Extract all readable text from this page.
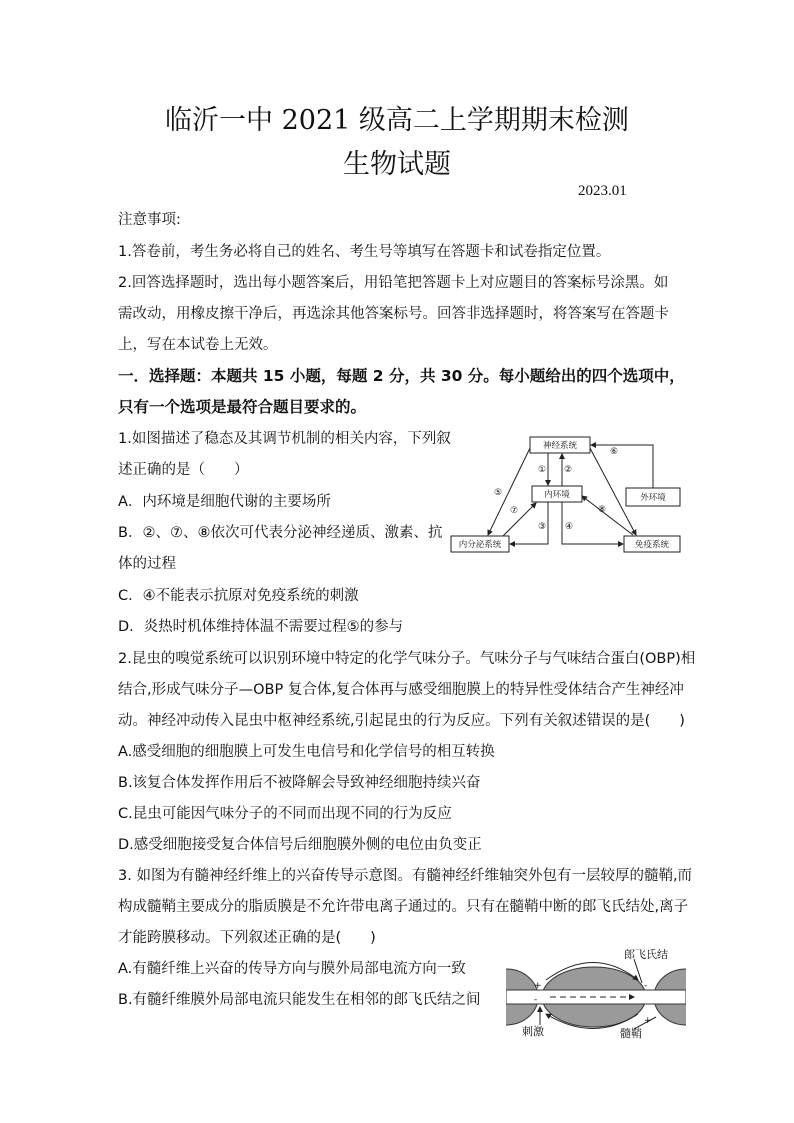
临沂一中 2021 级高二上学期期末检测
生物试题
2023.01
注意事项:
1.答卷前，考生务必将自己的姓名、考生号等填写在答题卡和试卷指定位置。
2.回答选择题时，选出每小题答案后，用铅笔把答题卡上对应题目的答案标号涂黑。如
需改动，用橡皮擦干净后，再选涂其他答案标号。回答非选择题时，将答案写在答题卡
上，写在本试卷上无效。
一．选择题：本题共 15 小题，每题 2 分，共 30 分。每小题给出的四个选项中，
只有一个选项是最符合题目要求的。
1.如图描述了稳态及其调节机制的相关内容，下列叙
述正确的是（　　）
A．内环境是细胞代谢的主要场所
B．②、⑦、⑧依次可代表分泌神经递质、激素、抗
体的过程
C．④不能表示抗原对免疫系统的刺激
D．炎热时机体维持体温不需要过程⑤的参与
神经系统
内环境	外环境
内分泌系统	免疫系统
① ②
③ ④
⑤
⑥
⑦	⑧
2.昆虫的嗅觉系统可以识别环境中特定的化学气味分子。气味分子与气味结合蛋白(OBP)相
结合,形成气味分子—OBP 复合体,复合体再与感受细胞膜上的特异性受体结合产生神经冲
动。神经冲动传入昆虫中枢神经系统,引起昆虫的行为反应。下列有关叙述错误的是(　　)
A.感受细胞的细胞膜上可发生电信号和化学信号的相互转换
B.该复合体发挥作用后不被降解会导致神经细胞持续兴奋
C.昆虫可能因气味分子的不同而出现不同的行为反应
D.感受细胞接受复合体信号后细胞膜外侧的电位由负变正
3. 如图为有髓神经纤维上的兴奋传导示意图。有髓神经纤维轴突外包有一层较厚的髓鞘,而
构成髓鞘主要成分的脂质膜是不允许带电离子通过的。只有在髓鞘中断的郎飞氏结处,离子
才能跨膜移动。下列叙述正确的是(　　)
A.有髓纤维上兴奋的传导方向与膜外局部电流方向一致
B.有髓纤维膜外局部电流只能发生在相邻的郎飞氏结之间
郎飞氏结
刺激	髓鞘
+
-
-
+
